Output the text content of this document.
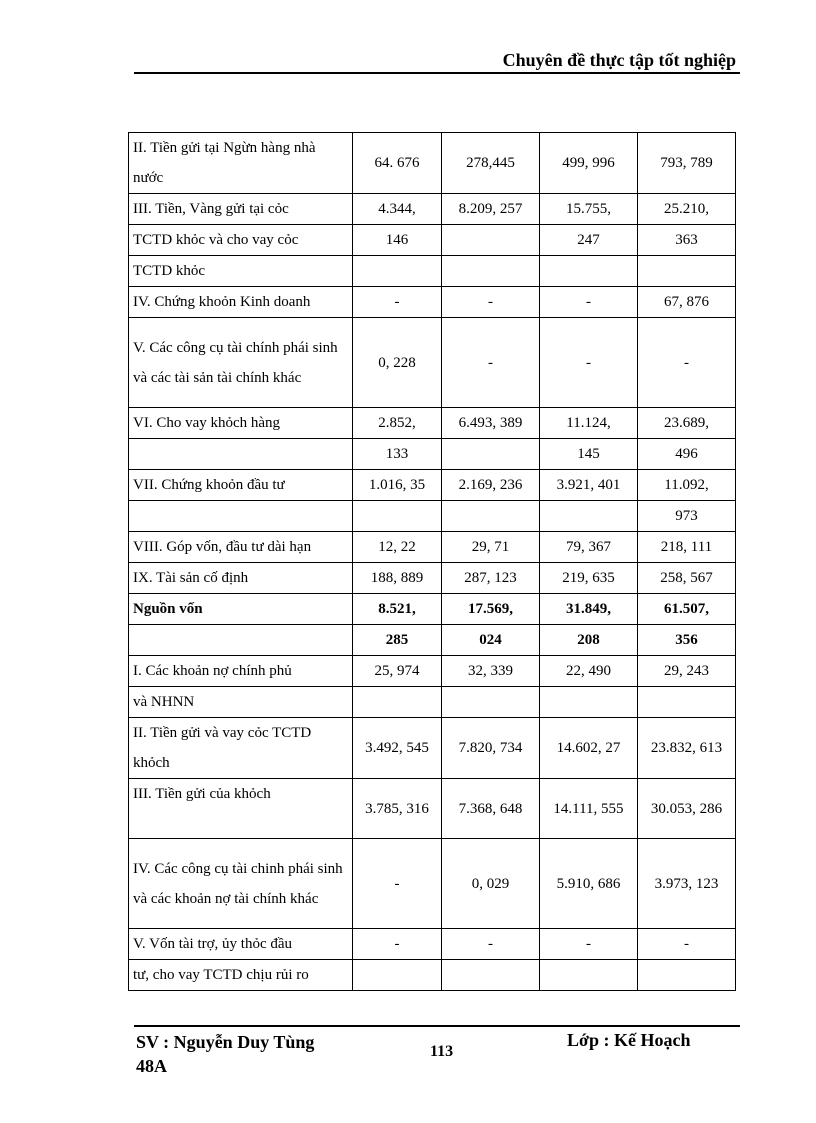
Chuyên đề thực tập tốt nghiệp
II. Tiền gửi tại Ngừn hàng nhà nước	64. 676	278,445	499, 996	793, 789
III. Tiền, Vàng gửi tại cỏc	4.344,	8.209, 257	15.755,	25.210,
TCTD khỏc và cho vay cỏc	146		247	363
TCTD khỏc				
IV. Chứng khoỏn Kinh doanh	-	-	-	67, 876
V. Các công cụ tài chính phái sinh và các tài sản tài chính khác	0, 228	-	-	-
VI. Cho vay khỏch hàng	2.852,	6.493, 389	11.124,	23.689,
	133		145	496
VII. Chứng khoỏn đầu tư	1.016, 35	2.169, 236	3.921, 401	11.092,
				973
VIII. Góp vốn, đầu tư dài hạn	12, 22	29, 71	79, 367	218, 111
IX. Tài sản cố định	188, 889	287, 123	219, 635	258, 567
Nguồn vốn	8.521,	17.569,	31.849,	61.507,
	285	024	208	356
I. Các khoản nợ chính phủ	25, 974	32, 339	22, 490	29, 243
và NHNN				
II. Tiền gửi và vay cỏc TCTD khỏch	3.492, 545	7.820, 734	14.602, 27	23.832, 613
III. Tiền gửi của khỏch	3.785, 316	7.368, 648	14.111, 555	30.053, 286
IV. Các công cụ tài chinh phái sinh và các khoản nợ tài chính khác	-	0, 029	5.910, 686	3.973, 123
V. Vốn tài trợ, ủy thỏc đầu	-	-	-	-
tư, cho vay TCTD chịu rủi ro				
SV : Nguyễn Duy Tùng
48A
113
Lớp : Kế Hoạch
